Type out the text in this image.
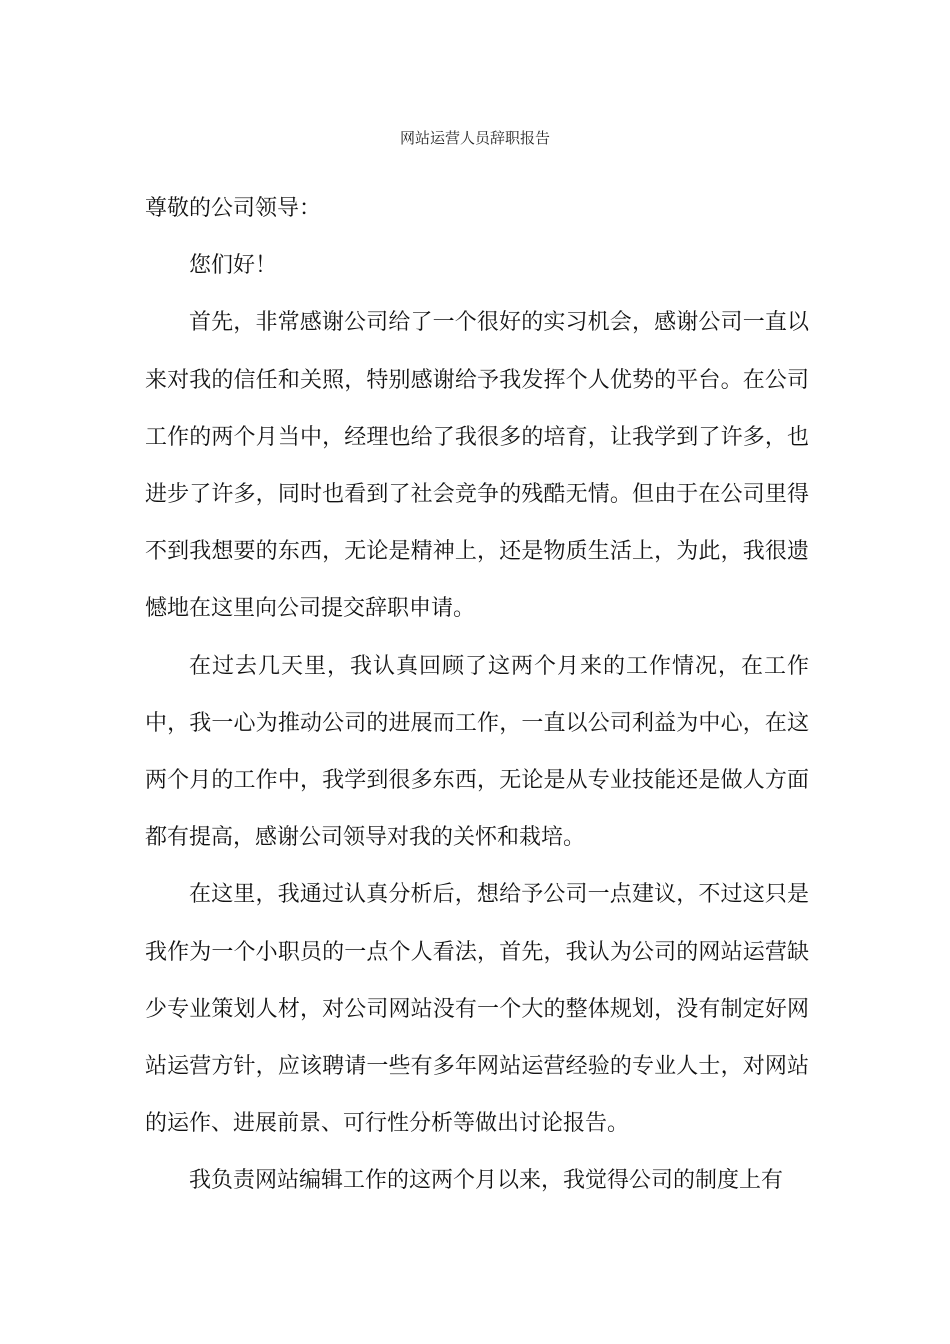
网站运营人员辞职报告

尊敬的公司领导：

您们好！

首先，非常感谢公司给了一个很好的实习机会，感谢公司一直以来对我的信任和关照，特别感谢给予我发挥个人优势的平台。在公司工作的两个月当中，经理也给了我很多的培育，让我学到了许多，也进步了许多，同时也看到了社会竞争的残酷无情。但由于在公司里得不到我想要的东西，无论是精神上，还是物质生活上，为此，我很遗憾地在这里向公司提交辞职申请。

在过去几天里，我认真回顾了这两个月来的工作情况，在工作中，我一心为推动公司的进展而工作，一直以公司利益为中心，在这两个月的工作中，我学到很多东西，无论是从专业技能还是做人方面都有提高，感谢公司领导对我的关怀和栽培。

在这里，我通过认真分析后，想给予公司一点建议，不过这只是我作为一个小职员的一点个人看法，首先，我认为公司的网站运营缺少专业策划人材，对公司网站没有一个大的整体规划，没有制定好网站运营方针，应该聘请一些有多年网站运营经验的专业人士，对网站的运作、进展前景、可行性分析等做出讨论报告。

我负责网站编辑工作的这两个月以来，我觉得公司的制度上有
